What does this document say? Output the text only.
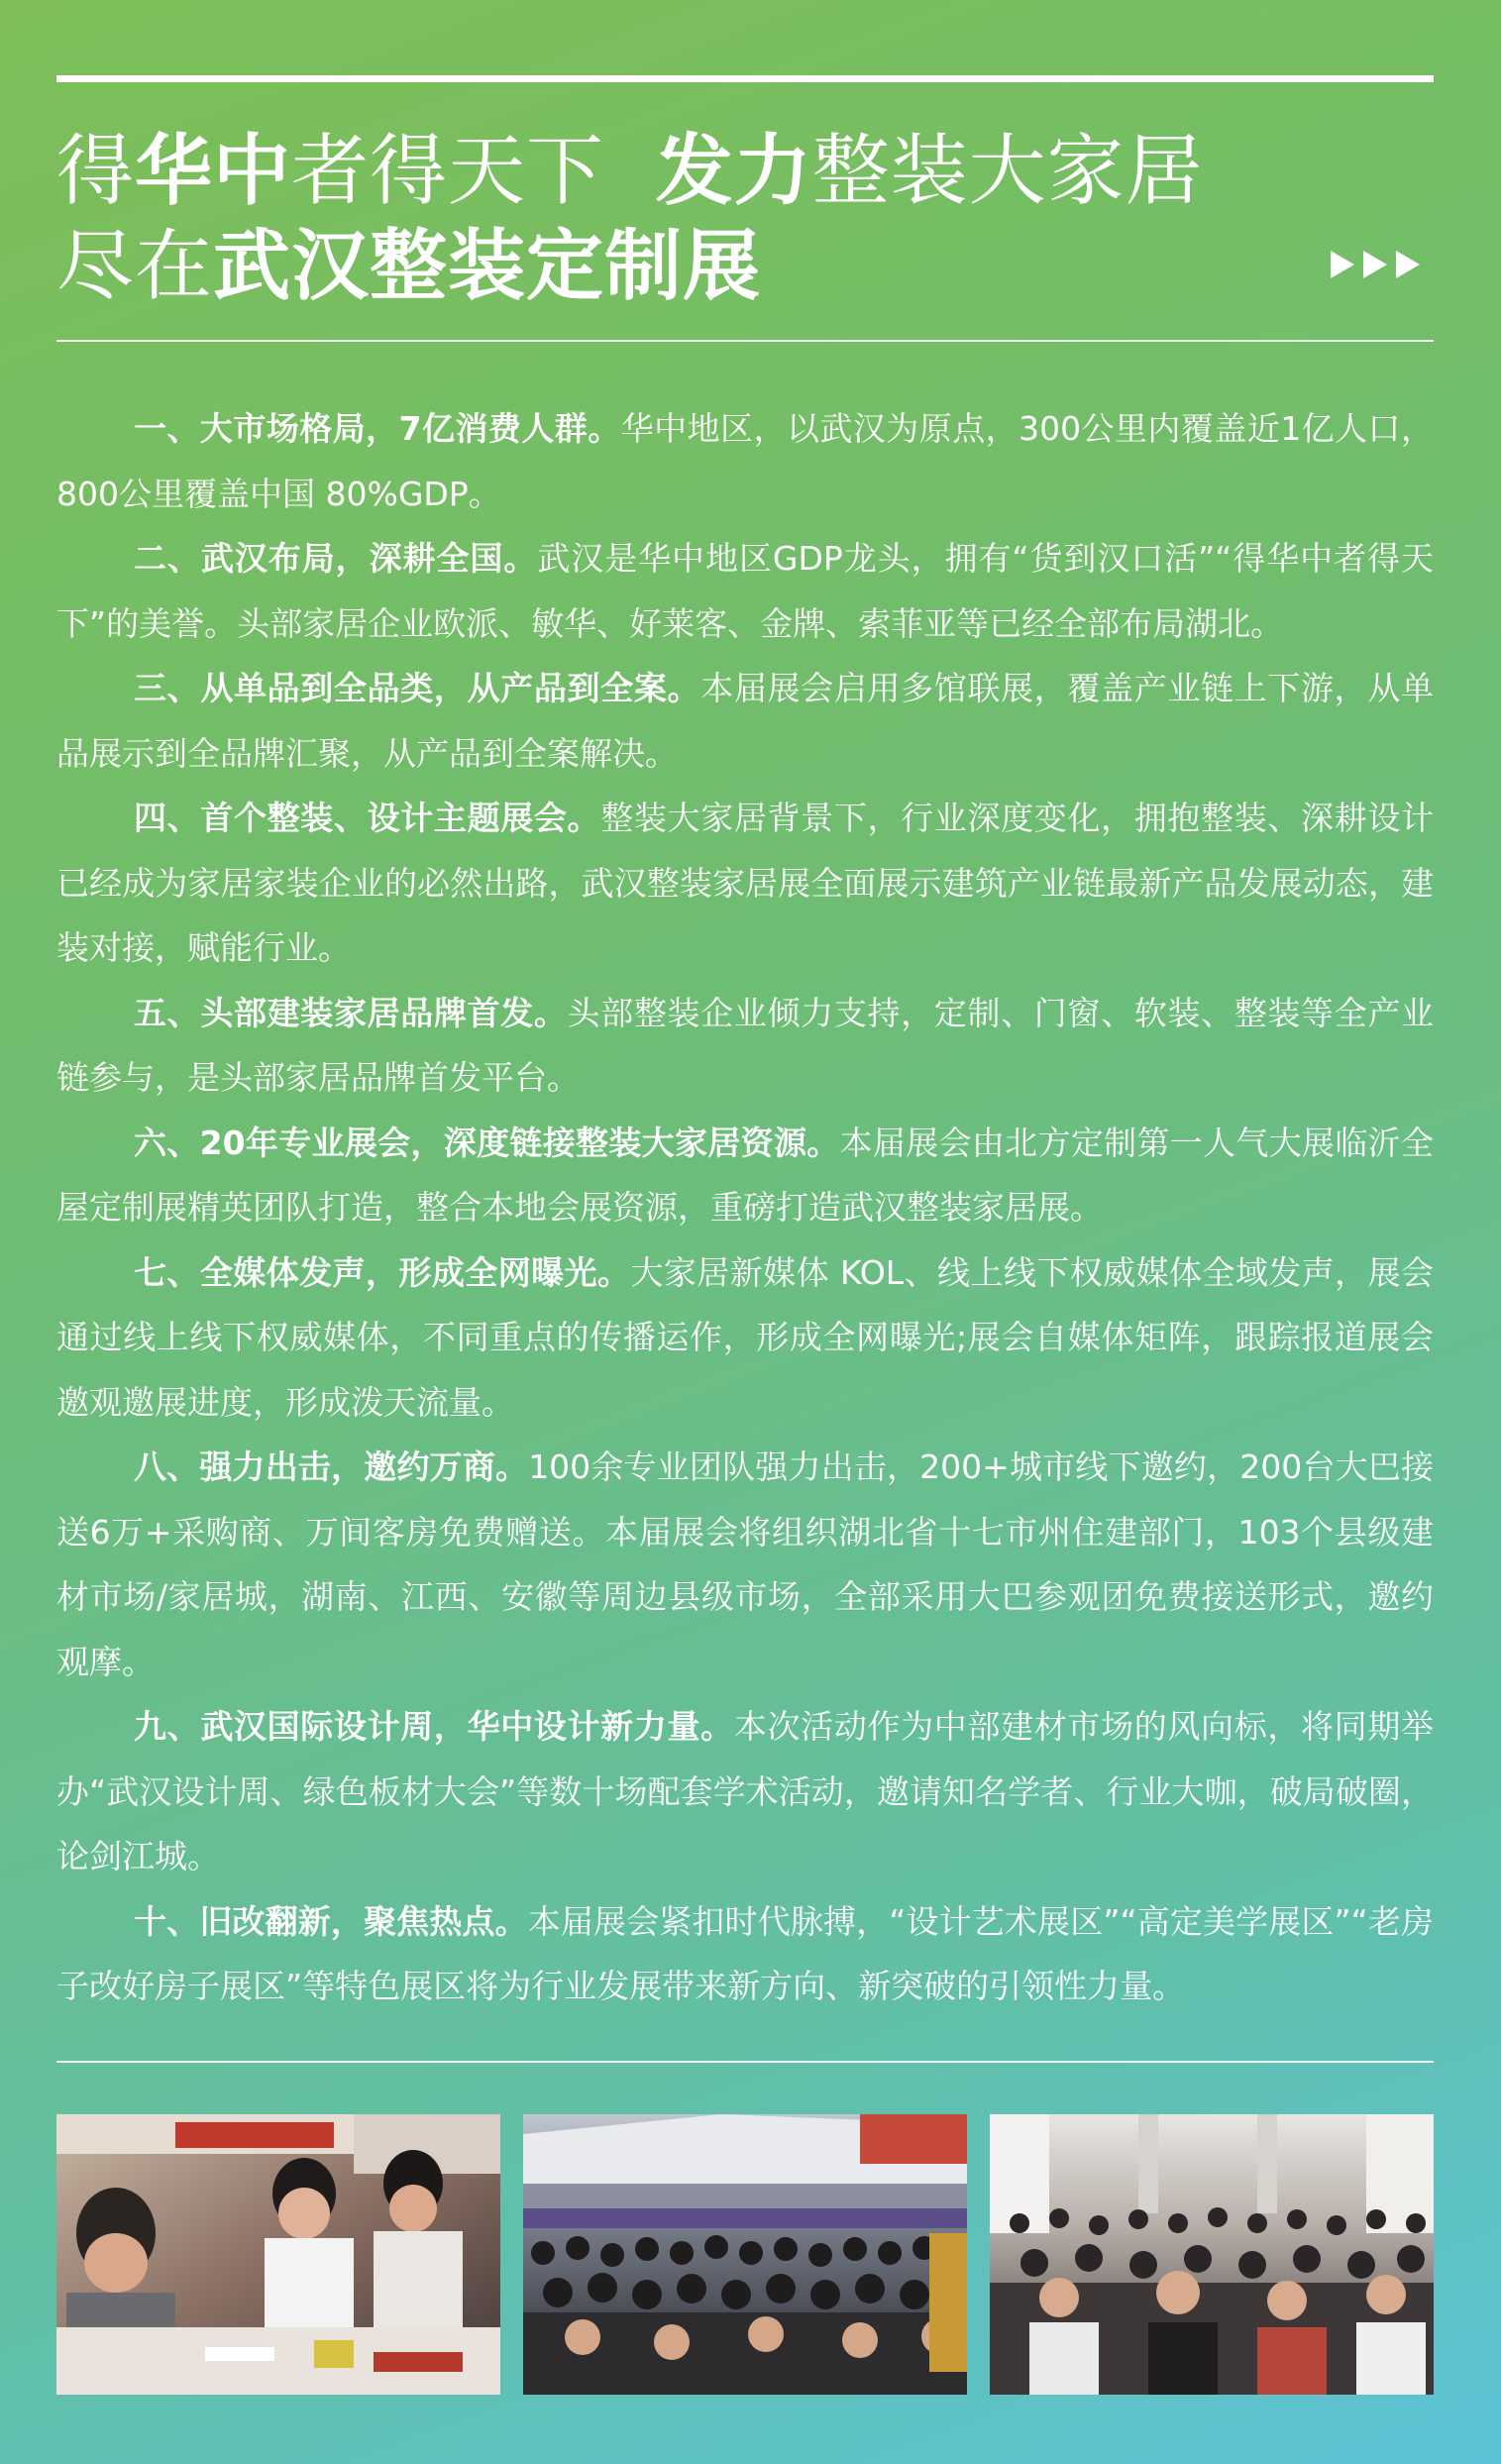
得华中者得天下  发力整装大家居
尽在武汉整装定制展

一、大市场格局，7亿消费人群。华中地区，以武汉为原点，300公里内覆盖近1亿人口，800公里覆盖中国 80%GDP。

二、武汉布局，深耕全国。武汉是华中地区GDP龙头，拥有“货到汉口活”“得华中者得天下”的美誉。头部家居企业欧派、敏华、好莱客、金牌、索菲亚等已经全部布局湖北。

三、从单品到全品类，从产品到全案。本届展会启用多馆联展，覆盖产业链上下游，从单品展示到全品牌汇聚，从产品到全案解决。

四、首个整装、设计主题展会。整装大家居背景下，行业深度变化，拥抱整装、深耕设计已经成为家居家装企业的必然出路，武汉整装家居展全面展示建筑产业链最新产品发展动态，建装对接，赋能行业。

五、头部建装家居品牌首发。头部整装企业倾力支持，定制、门窗、软装、整装等全产业链参与，是头部家居品牌首发平台。

六、20年专业展会，深度链接整装大家居资源。本届展会由北方定制第一人气大展临沂全屋定制展精英团队打造，整合本地会展资源，重磅打造武汉整装家居展。

七、全媒体发声，形成全网曝光。大家居新媒体 KOL、线上线下权威媒体全域发声，展会通过线上线下权威媒体，不同重点的传播运作，形成全网曝光;展会自媒体矩阵，跟踪报道展会邀观邀展进度，形成泼天流量。

八、强力出击，邀约万商。100余专业团队强力出击，200+城市线下邀约，200台大巴接送6万+采购商、万间客房免费赠送。本届展会将组织湖北省十七市州住建部门，103个县级建材市场/家居城，湖南、江西、安徽等周边县级市场，全部采用大巴参观团免费接送形式，邀约观摩。

九、武汉国际设计周，华中设计新力量。本次活动作为中部建材市场的风向标，将同期举办“武汉设计周、绿色板材大会”等数十场配套学术活动，邀请知名学者、行业大咖，破局破圈，论剑江城。

十、旧改翻新，聚焦热点。本届展会紧扣时代脉搏，“设计艺术展区”“高定美学展区”“老房子改好房子展区”等特色展区将为行业发展带来新方向、新突破的引领性力量。
